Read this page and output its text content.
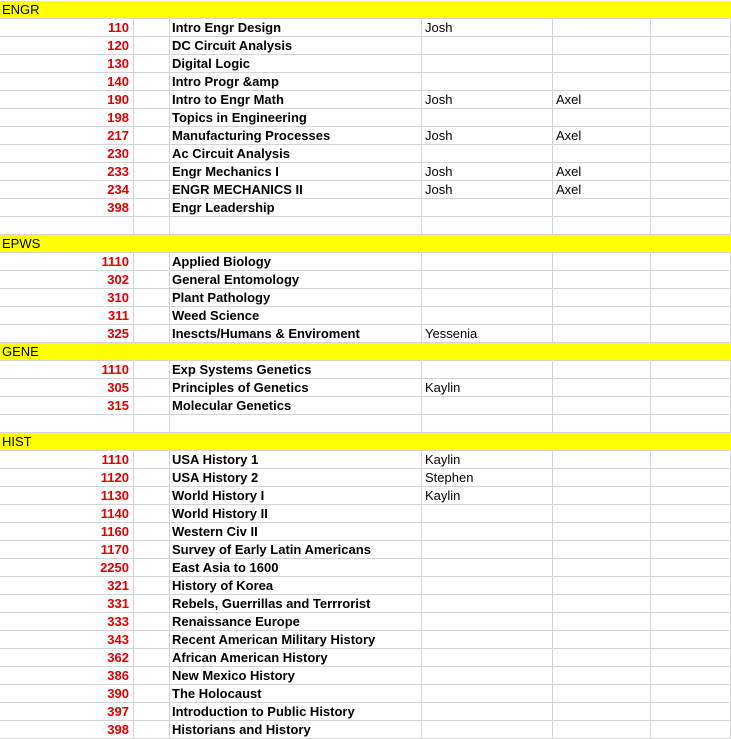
ENGR
110	Intro Engr Design	Josh
120	DC Circuit Analysis
130	Digital Logic
140	Intro Progr &amp
190	Intro to Engr Math	Josh	Axel
198	Topics in Engineering
217	Manufacturing Processes	Josh	Axel
230	Ac Circuit Analysis
233	Engr Mechanics I	Josh	Axel
234	ENGR MECHANICS II	Josh	Axel
398	Engr Leadership
EPWS
1110	Applied Biology
302	General Entomology
310	Plant Pathology
311	Weed Science
325	Inescts/Humans & Enviroment	Yessenia
GENE
1110	Exp Systems Genetics
305	Principles of Genetics	Kaylin
315	Molecular Genetics
HIST
1110	USA History 1	Kaylin
1120	USA History 2	Stephen
1130	World History I	Kaylin
1140	World History II
1160	Western Civ II
1170	Survey of Early Latin Americans
2250	East Asia to 1600
321	History of Korea
331	Rebels, Guerrillas and Terrrorist
333	Renaissance Europe
343	Recent American Military History
362	African American History
386	New Mexico History
390	The Holocaust
397	Introduction to Public History
398	Historians and History
